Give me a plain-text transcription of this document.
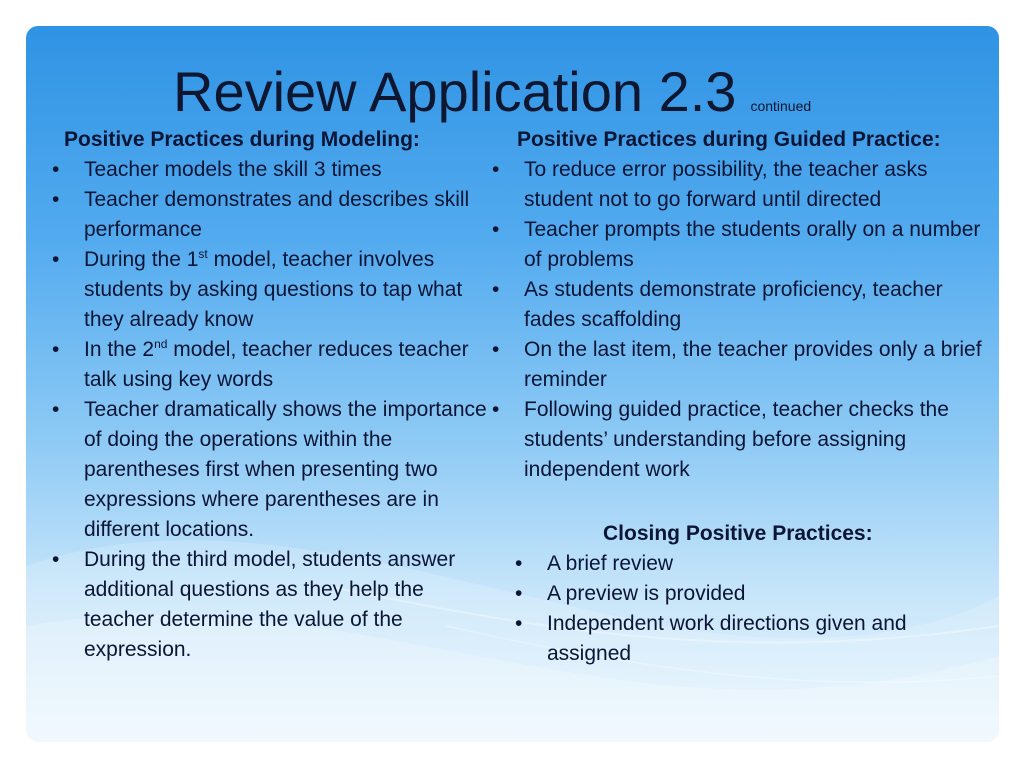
Review Application 2.3 continued
Positive Practices during Modeling:
•	Teacher models the skill 3 times
•	Teacher demonstrates and describes skill performance
•	During the 1st model, teacher involves students by asking questions to tap what they already know
•	In the 2nd model, teacher reduces teacher talk using key words
•	Teacher dramatically shows the importance of doing the operations within the parentheses first when presenting two expressions where parentheses are in different locations.
•	During the third model, students answer additional questions as they help the teacher determine the value of the expression.
Positive Practices during Guided Practice:
•	To reduce error possibility, the teacher asks student not to go forward until directed
•	Teacher prompts the students orally on a number of problems
•	As students demonstrate proficiency, teacher fades scaffolding
•	On the last item, the teacher provides only a brief reminder
•	Following guided practice, teacher checks the students’ understanding before assigning independent work
Closing Positive Practices:
•	A brief review
•	A preview is provided
•	Independent work directions given and assigned
